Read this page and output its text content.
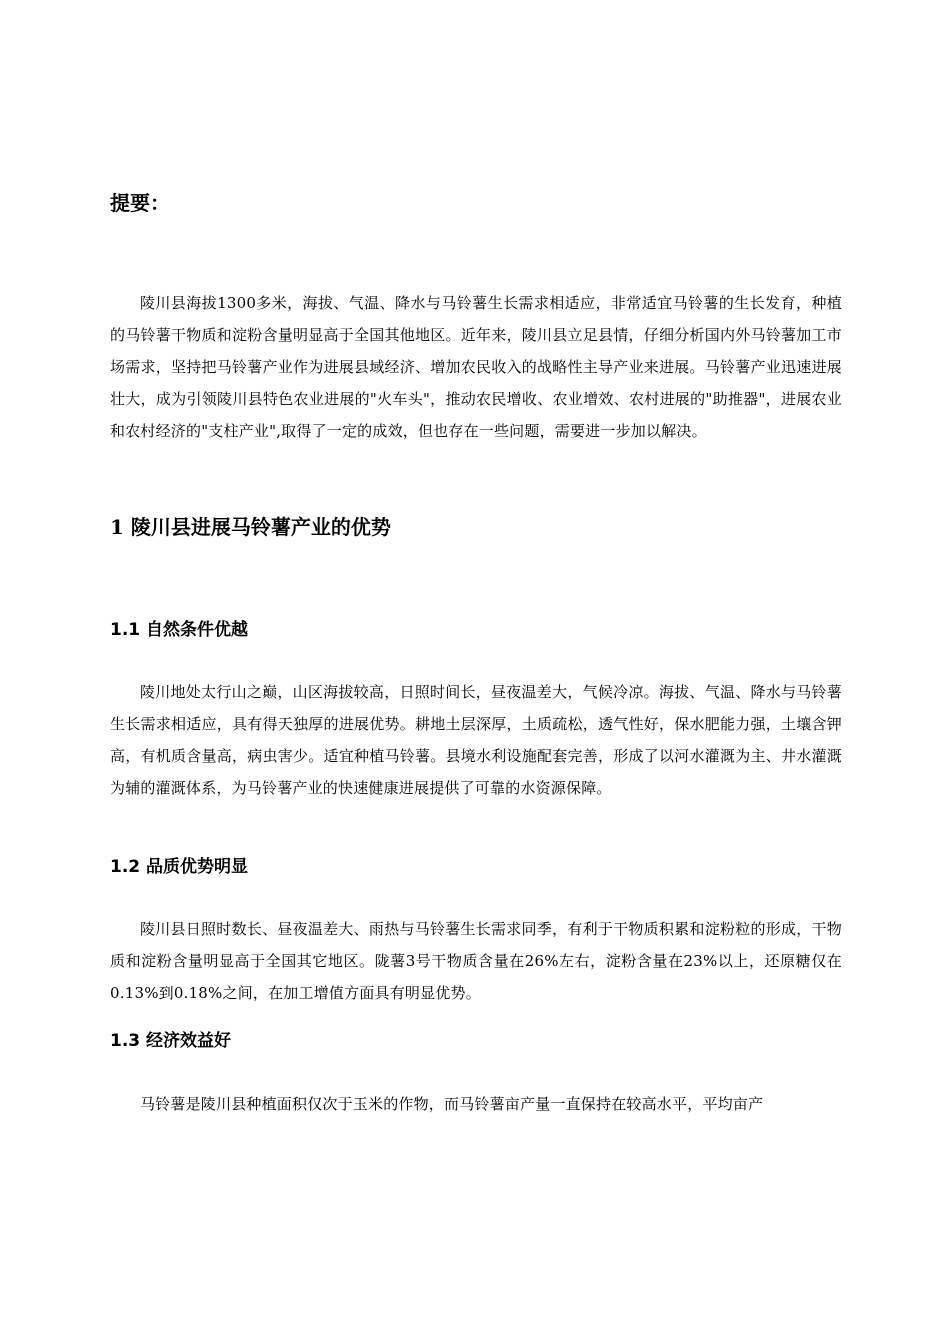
提要：
陵川县海拔1300多米，海拔、气温、降水与马铃薯生长需求相适应，非常适宜马铃薯的生长发育，种植的马铃薯干物质和淀粉含量明显高于全国其他地区。近年来，陵川县立足县情，仔细分析国内外马铃薯加工市场需求，坚持把马铃薯产业作为进展县域经济、增加农民收入的战略性主导产业来进展。马铃薯产业迅速进展壮大，成为引领陵川县特色农业进展的"火车头"，推动农民增收、农业增效、农村进展的"助推器"，进展农业和农村经济的"支柱产业",取得了一定的成效，但也存在一些问题，需要进一步加以解决。
1 陵川县进展马铃薯产业的优势
1.1 自然条件优越
陵川地处太行山之巅，山区海拔较高，日照时间长，昼夜温差大，气候冷凉。海拔、气温、降水与马铃薯生长需求相适应，具有得天独厚的进展优势。耕地土层深厚，土质疏松，透气性好，保水肥能力强，土壤含钾高，有机质含量高，病虫害少。适宜种植马铃薯。县境水利设施配套完善，形成了以河水灌溉为主、井水灌溉为辅的灌溉体系，为马铃薯产业的快速健康进展提供了可靠的水资源保障。
1.2 品质优势明显
陵川县日照时数长、昼夜温差大、雨热与马铃薯生长需求同季，有利于干物质积累和淀粉粒的形成，干物质和淀粉含量明显高于全国其它地区。陇薯3号干物质含量在26%左右，淀粉含量在23%以上，还原糖仅在0.13%到0.18%之间，在加工增值方面具有明显优势。
1.3 经济效益好
马铃薯是陵川县种植面积仅次于玉米的作物，而马铃薯亩产量一直保持在较高水平，平均亩产
